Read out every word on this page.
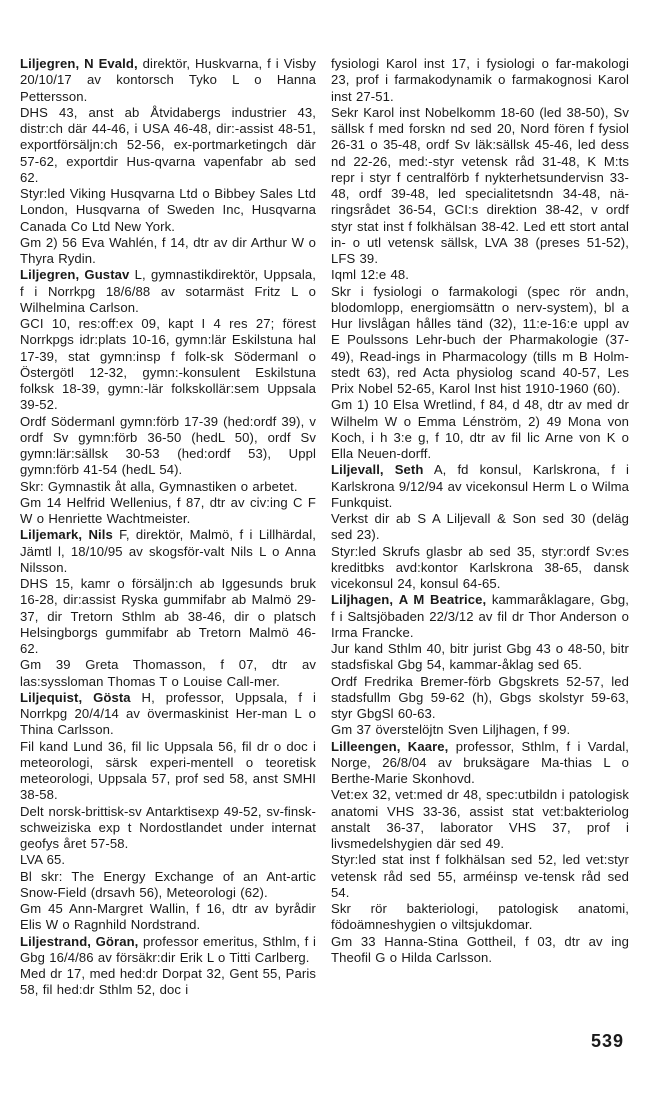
Liljegren, N Evald, direktör, Huskvarna, f i Visby 20/10/17 av kontorsch Tyko L o Hanna Pettersson.

DHS 43, anst ab Åtvidabergs industrier 43, distr:ch där 44-46, i USA 46-48, dir:-assist 48-51, exportförsäljn:ch 52-56, ex-portmarketingch där 57-62, exportdir Hus-qvarna vapenfabr ab sed 62.

Styr:led Viking Husqvarna Ltd o Bibbey Sales Ltd London, Husqvarna of Sweden Inc, Husqvarna Canada Co Ltd New York.

Gm 2) 56 Eva Wahlén, f 14, dtr av dir Arthur W o Thyra Rydin.

Liljegren, Gustav L, gymnastikdirektör, Uppsala, f i Norrkpg 18/6/88 av sotarmäst Fritz L o Wilhelmina Carlson.

GCI 10, res:off:ex 09, kapt I 4 res 27; förest Norrkpgs idr:plats 10-16, gymn:lär Eskilstuna hal 17-39, stat gymn:insp f folk-sk Södermanl o Östergötl 12-32, gymn:-konsulent Eskilstuna folksk 18-39, gymn:-lär folkskollär:sem Uppsala 39-52.

Ordf Södermanl gymn:förb 17-39 (hed:ordf 39), v ordf Sv gymn:förb 36-50 (hedL 50), ordf Sv gymn:lär:sällsk 30-53 (hed:ordf 53), Uppl gymn:förb 41-54 (hedL 54).

Skr: Gymnastik åt alla, Gymnastiken o arbetet.

Gm 14 Helfrid Wellenius, f 87, dtr av civ:ing C F W o Henriette Wachtmeister.

Liljemark, Nils F, direktör, Malmö, f i Lillhärdal, Jämtl l, 18/10/95 av skogsför-valt Nils L o Anna Nilsson.

DHS 15, kamr o försäljn:ch ab Iggesunds bruk 16-28, dir:assist Ryska gummifabr ab Malmö 29-37, dir Tretorn Sthlm ab 38-46, dir o platsch Helsingborgs gummifabr ab Tretorn Malmö 46-62.

Gm 39 Greta Thomasson, f 07, dtr av las:syssloman Thomas T o Louise Call-mer.

Liljequist, Gösta H, professor, Uppsala, f i Norrkpg 20/4/14 av övermaskinist Her-man L o Thina Carlsson.

Fil kand Lund 36, fil lic Uppsala 56, fil dr o doc i meteorologi, särsk experi-mentell o teoretisk meteorologi, Uppsala 57, prof sed 58, anst SMHI 38-58.

Delt norsk-brittisk-sv Antarktisexp 49-52, sv-finsk-schweiziska exp t Nordostlandet under internat geofys året 57-58.

LVA 65.

Bl skr: The Energy Exchange of an Ant-artic Snow-Field (drsavh 56), Meteorologi (62).

Gm 45 Ann-Margret Wallin, f 16, dtr av byrådir Elis W o Ragnhild Nordstrand.

Liljestrand, Göran, professor emeritus, Sthlm, f i Gbg 16/4/86 av försäkr:dir Erik L o Titti Carlberg.

Med dr 17, med hed:dr Dorpat 32, Gent 55, Paris 58, fil hed:dr Sthlm 52, doc i

fysiologi Karol inst 17, i fysiologi o far-makologi 23, prof i farmakodynamik o farmakognosi Karol inst 27-51.

Sekr Karol inst Nobelkomm 18-60 (led 38-50), Sv sällsk f med forskn nd sed 20, Nord fören f fysiol 26-31 o 35-48, ordf Sv läk:sällsk 45-46, led dess nd 22-26, med:-styr vetensk råd 31-48, K M:ts repr i styr f centralförb f nykterhetsundervisn 33-48, ordf 39-48, led specialitetsndn 34-48, nä-ringsrådet 36-54, GCI:s direktion 38-42, v ordf styr stat inst f folkhälsan 38-42. Led ett stort antal in- o utl vetensk sällsk, LVA 38 (preses 51-52), LFS 39.

Iqml 12:e 48.

Skr i fysiologi o farmakologi (spec rör andn, blodomlopp, energiomsättn o nerv-system), bl a Hur livslågan hålles tänd (32), 11:e-16:e uppl av E Poulssons Lehr-buch der Pharmakologie (37-49), Read-ings in Pharmacology (tills m B Holm-stedt 63), red Acta physiolog scand 40-57, Les Prix Nobel 52-65, Karol Inst hist 1910-1960 (60).

Gm 1) 10 Elsa Wretlind, f 84, d 48, dtr av med dr Wilhelm W o Emma Lénström, 2) 49 Mona von Koch, i h 3:e g, f 10, dtr av fil lic Arne von K o Ella Neuen-dorff.

Liljevall, Seth A, fd konsul, Karlskrona, f i Karlskrona 9/12/94 av vicekonsul Herm L o Wilma Funkquist.

Verkst dir ab S A Liljevall & Son sed 30 (deläg sed 23).

Styr:led Skrufs glasbr ab sed 35, styr:ordf Sv:es kreditbks avd:kontor Karlskrona 38-65, dansk vicekonsul 24, konsul 64-65.

Liljhagen, A M Beatrice, kammaråklagare, Gbg, f i Saltsjöbaden 22/3/12 av fil dr Thor Anderson o Irma Francke.

Jur kand Sthlm 40, bitr jurist Gbg 43 o 48-50, bitr stadsfiskal Gbg 54, kammar-åklag sed 65.

Ordf Fredrika Bremer-förb Gbgskrets 52-57, led stadsfullm Gbg 59-62 (h), Gbgs skolstyr 59-63, styr GbgSl 60-63.

Gm 37 överstelöjtn Sven Liljhagen, f 99.

Lilleengen, Kaare, professor, Sthlm, f i Vardal, Norge, 26/8/04 av bruksägare Ma-thias L o Berthe-Marie Skonhovd.

Vet:ex 32, vet:med dr 48, spec:utbildn i patologisk anatomi VHS 33-36, assist stat vet:bakteriolog anstalt 36-37, laborator VHS 37, prof i livsmedelshygien där sed 49.

Styr:led stat inst f folkhälsan sed 52, led vet:styr vetensk råd sed 55, arméinsp ve-tensk råd sed 54.

Skr rör bakteriologi, patologisk anatomi, födoämneshygien o viltsjukdomar.

Gm 33 Hanna-Stina Gottheil, f 03, dtr av ing Theofil G o Hilda Carlsson.

539
